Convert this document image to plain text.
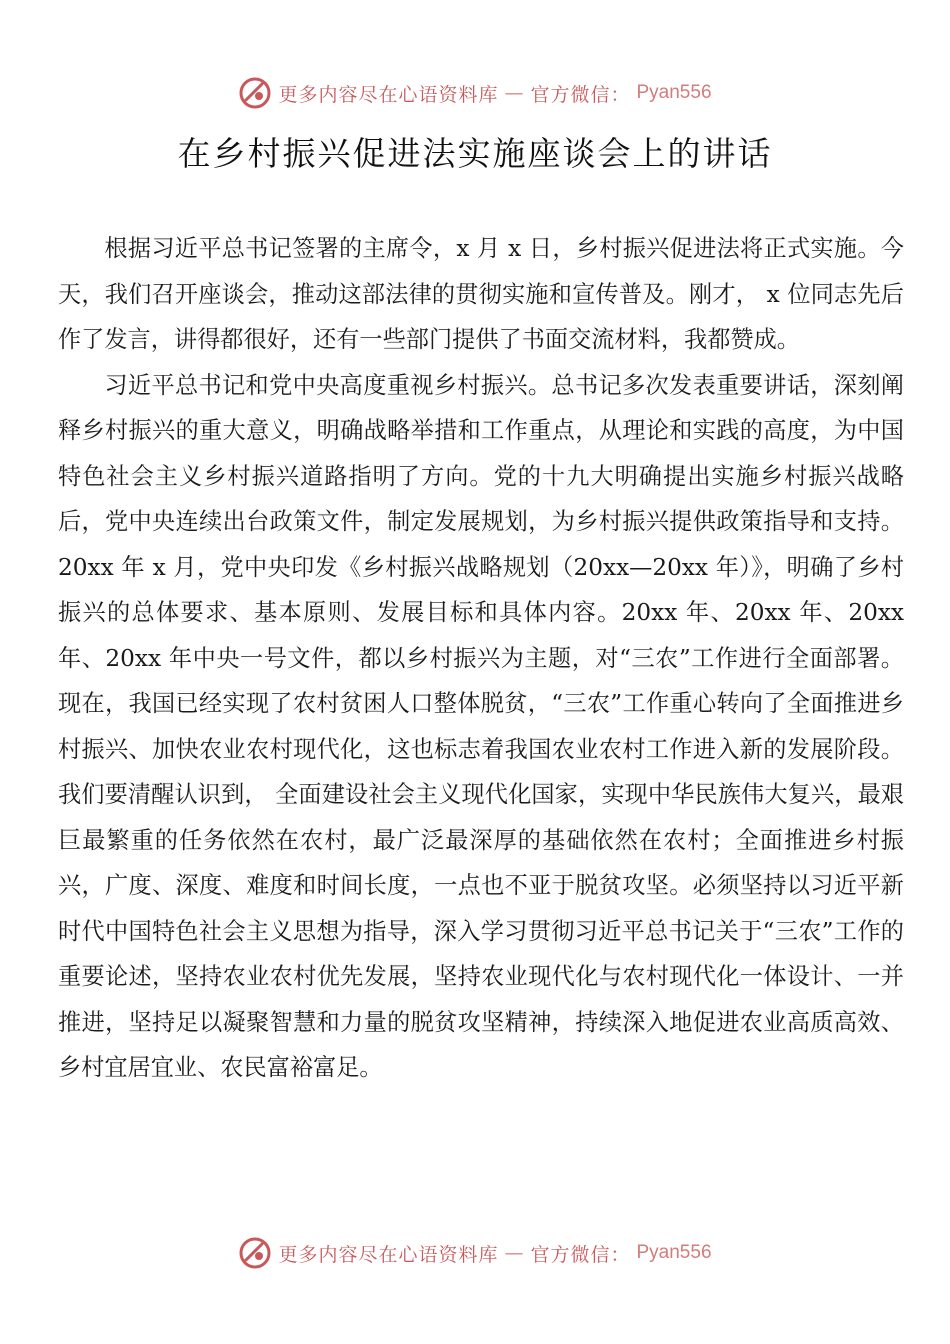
更多内容尽在心语资料库 — 官方微信： Pyan556
在乡村振兴促进法实施座谈会上的讲话

根据习近平总书记签署的主席令，x 月 x 日，乡村振兴促进法将正式实施。今天，我们召开座谈会，推动这部法律的贯彻实施和宣传普及。刚才， x 位同志先后作了发言，讲得都很好，还有一些部门提供了书面交流材料，我都赞成。

习近平总书记和党中央高度重视乡村振兴。总书记多次发表重要讲话，深刻阐释乡村振兴的重大意义，明确战略举措和工作重点，从理论和实践的高度，为中国特色社会主义乡村振兴道路指明了方向。党的十九大明确提出实施乡村振兴战略后，党中央连续出台政策文件，制定发展规划，为乡村振兴提供政策指导和支持。20xx 年 x 月，党中央印发《乡村振兴战略规划（20xx—20xx 年）》，明确了乡村振兴的总体要求、基本原则、发展目标和具体内容。20xx 年、20xx 年、20xx 年、20xx 年中央一号文件，都以乡村振兴为主题，对“三农”工作进行全面部署。现在，我国已经实现了农村贫困人口整体脱贫，“三农”工作重心转向了全面推进乡村振兴、加快农业农村现代化，这也标志着我国农业农村工作进入新的发展阶段。我们要清醒认识到， 全面建设社会主义现代化国家，实现中华民族伟大复兴，最艰巨最繁重的任务依然在农村，最广泛最深厚的基础依然在农村；全面推进乡村振兴，广度、深度、难度和时间长度，一点也不亚于脱贫攻坚。必须坚持以习近平新时代中国特色社会主义思想为指导，深入学习贯彻习近平总书记关于“三农”工作的重要论述，坚持农业农村优先发展，坚持农业现代化与农村现代化一体设计、一并推进，坚持足以凝聚智慧和力量的脱贫攻坚精神，持续深入地促进农业高质高效、乡村宜居宜业、农民富裕富足。

更多内容尽在心语资料库 — 官方微信： Pyan556
